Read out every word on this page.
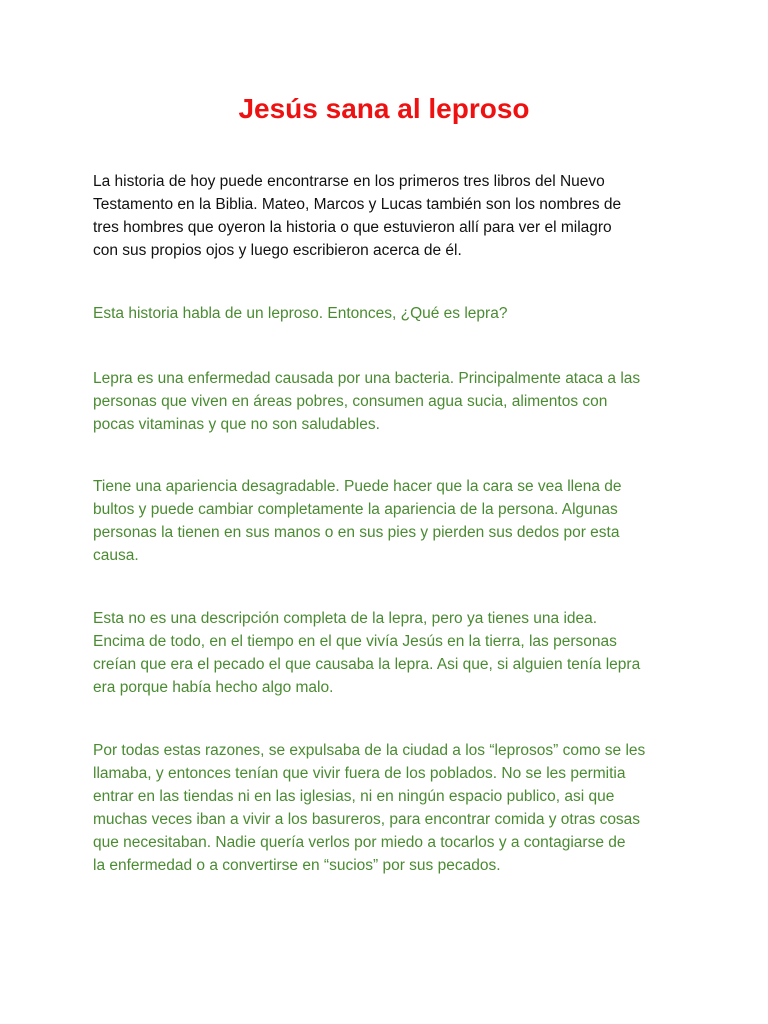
Jesús sana al leproso

La historia de hoy puede encontrarse en los primeros tres libros del Nuevo
Testamento en la Biblia. Mateo, Marcos y Lucas también son los nombres de
tres hombres que oyeron la historia o que estuvieron allí para ver el milagro
con sus propios ojos y luego escribieron acerca de él.

Esta historia habla de un leproso. Entonces, ¿Qué es lepra?

Lepra es una enfermedad causada por una bacteria. Principalmente ataca a las
personas que viven en áreas pobres, consumen agua sucia, alimentos con
pocas vitaminas y que no son saludables.

Tiene una apariencia desagradable. Puede hacer que la cara se vea llena de
bultos y puede cambiar completamente la apariencia de la persona. Algunas
personas la tienen en sus manos o en sus pies y pierden sus dedos por esta
causa.

Esta no es una descripción completa de la lepra, pero ya tienes una idea.
Encima de todo, en el tiempo en el que vivía Jesús en la tierra, las personas
creían que era el pecado el que causaba la lepra. Asi que, si alguien tenía lepra
era porque había hecho algo malo.

Por todas estas razones, se expulsaba de la ciudad a los “leprosos” como se les
llamaba, y entonces tenían que vivir fuera de los poblados. No se les permitia
entrar en las tiendas ni en las iglesias, ni en ningún espacio publico, asi que
muchas veces iban a vivir a los basureros, para encontrar comida y otras cosas
que necesitaban. Nadie quería verlos por miedo a tocarlos y a contagiarse de
la enfermedad o a convertirse en “sucios” por sus pecados.
